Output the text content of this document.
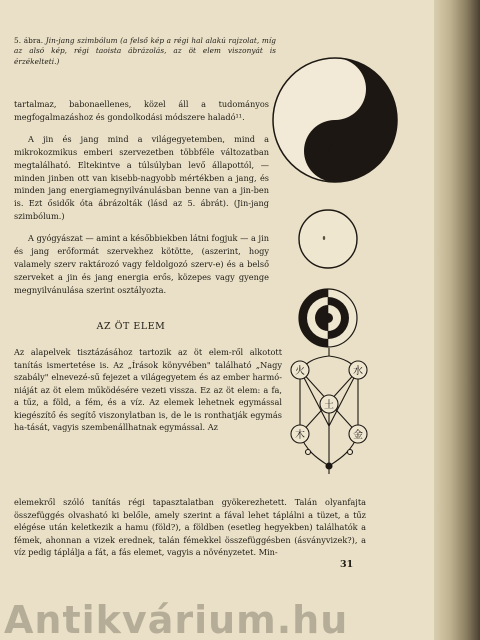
5. ábra. Jin-jang szimbólum (a felső kép a régi hal alakú rajzolat, míg az alsó kép, régi taoista ábrázolás, az öt elem viszonyát is érzékelteti.)

tartalmaz, babonaellenes, közel áll a tudományos megfogalmazáshoz és gondolkodási módszere haladó¹¹.

A jin és jang mind a világegyetemben, mind a mikrokozmikus emberi szervezetben többféle változatban megtalálható. Eltekintve a túlsúlyban levő állapottól, — minden jinben ott van kisebb-nagyobb mértékben a jang, és minden jang energiamegnyilvánulásban benne van a jin-ben is. Ezt ősidők óta ábrázolták (lásd az 5. ábrát). (Jin-jang szimbólum.)

A gyógyászat — amint a későbbiekben látni fogjuk — a jin és jang erőformát szervekhez kötötte, (aszerint, hogy valamely szerv raktározó vagy feldolgozó szerv-e) és a belső szerveket a jin és jang energia erős, közepes vagy gyenge megnyilvánulása szerint osztályozta.

AZ ÖT ELEM

Az alapelvek tisztázásához tartozik az öt elem-ről alkotott tanítás ismertetése is. Az „Írások könyvében" található „Nagy szabály" elnevezé-sű fejezet a világegyetem és az ember harmó-niáját az öt elem működésére vezeti vissza. Ez az öt elem: a fa, a tűz, a föld, a fém, és a víz. Az elemek lehetnek egymással kiegészítő és segítő viszonylatban is, de le is ronthatják egymás ha-tását, vagyis szembenállhatnak egymással. Az

elemekről szóló tanítás régi tapasztalatban gyökerezhetett. Talán olyanfajta összefüggés olvasható ki belőle, amely szerint a fával lehet táplálni a tüzet, a tűz elégése után keletkezik a hamu (föld?), a földben (esetleg hegyekben) találhatók a fémek, ahonnan a vizek erednek, talán fémekkel összefüggésben (ásványvizek?), a víz pedig táplálja a fát, a fás elemet, vagyis a növényzetet. Min-

火	水
土
木	金
31
Antikvárium.hu
